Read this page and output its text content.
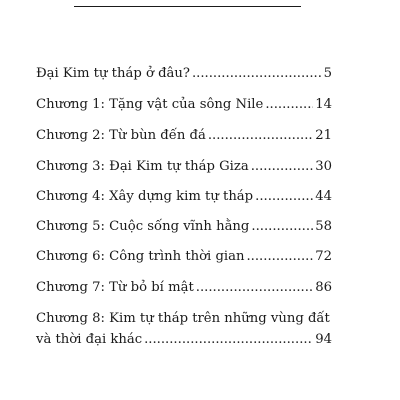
Đại Kim tự tháp ở đâu? .....	5
Chương 1: Tặng vật của sông Nile .....	14
Chương 2: Từ bùn đến đá .....	21
Chương 3: Đại Kim tự tháp Giza .....	30
Chương 4: Xây dựng kim tự tháp .....	44
Chương 5: Cuộc sống vĩnh hằng .....	58
Chương 6: Công trình thời gian .....	72
Chương 7: Từ bỏ bí mật .....	86
Chương 8: Kim tự tháp trên những vùng đất
và thời đại khác .....	94
